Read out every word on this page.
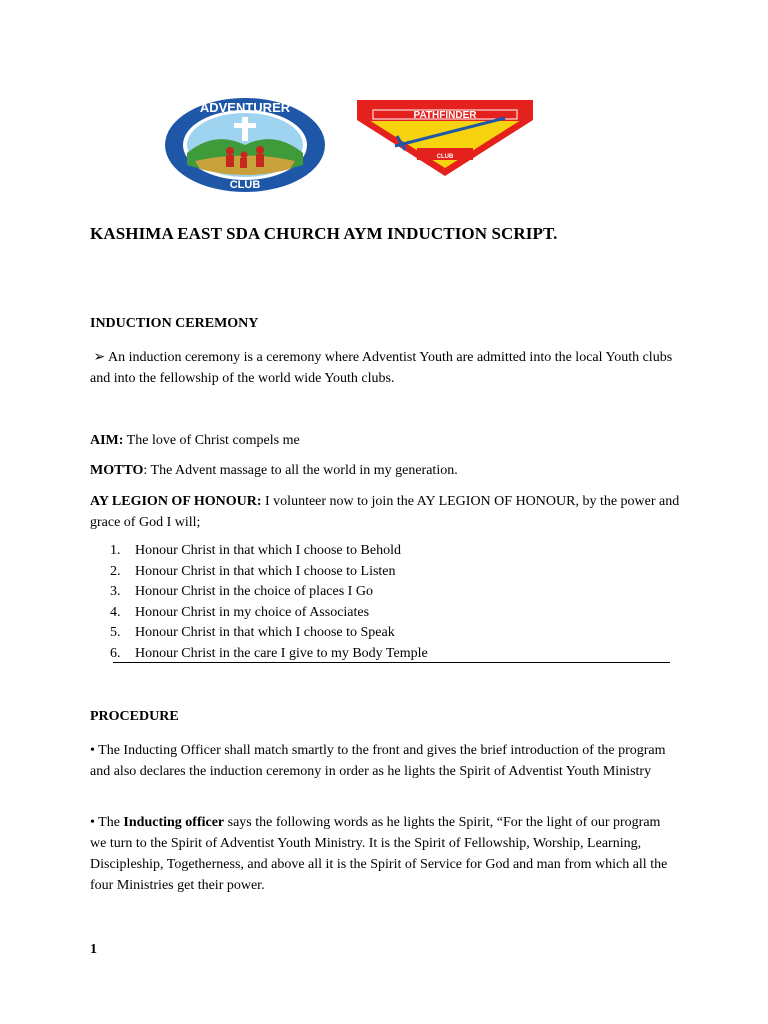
ADVENTURER
CLUB
PATHFINDER
CLUB
KASHIMA EAST SDA CHURCH AYM INDUCTION SCRIPT.
INDUCTION CEREMONY
➢ An induction ceremony is a ceremony where Adventist Youth are admitted into the local Youth clubs and into the fellowship of the world wide Youth clubs.
AIM: The love of Christ compels me
MOTTO: The Advent massage to all the world in my generation.
AY LEGION OF HONOUR: I volunteer now to join the AY LEGION OF HONOUR, by the power and grace of God I will;
1.	Honour Christ in that which I choose to Behold
2.	Honour Christ in that which I choose to Listen
3.	Honour Christ in the choice of places I Go
4.	Honour Christ in my choice of Associates
5.	Honour Christ in that which I choose to Speak
6.	Honour Christ in the care I give to my Body Temple
PROCEDURE
• The Inducting Officer shall match smartly to the front and gives the brief introduction of the program and also declares the induction ceremony in order as he lights the Spirit of Adventist Youth Ministry
• The Inducting officer says the following words as he lights the Spirit, “For the light of our program we turn to the Spirit of Adventist Youth Ministry. It is the Spirit of Fellowship, Worship, Learning, Discipleship, Togetherness, and above all it is the Spirit of Service for God and man from which all the four Ministries get their power.
1
